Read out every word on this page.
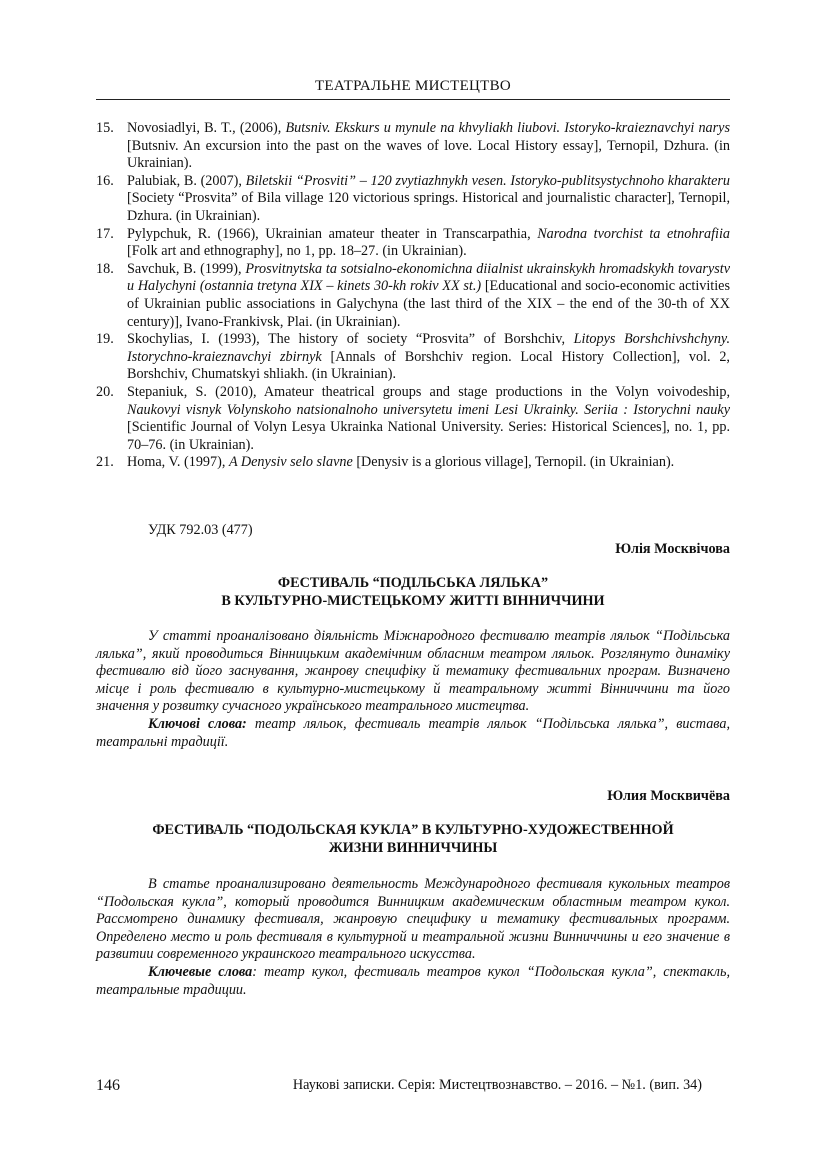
ТЕАТРАЛЬНЕ МИСТЕЦТВО
15. Novosiadlyi, B. T., (2006), Butsniv. Ekskurs u mynule na khvyliakh liubovi. Istoryko-kraieznavchyi narys [Butsniv. An excursion into the past on the waves of love. Local History essay], Ternopil, Dzhura. (in Ukrainian).
16. Palubiak, B. (2007), Biletskii “Prosviti” – 120 zvytiazhnykh vesen. Istoryko-publitsystychnoho kharakteru [Society “Prosvita” of Bila village 120 victorious springs. Historical and journalistic character], Ternopil, Dzhura. (in Ukrainian).
17. Pylypchuk, R. (1966), Ukrainian amateur theater in Transcarpathia, Narodna tvorchist ta etnohrafiia [Folk art and ethnography], no 1, pp. 18–27. (in Ukrainian).
18. Savchuk, B. (1999), Prosvitnytska ta sotsialno-ekonomichna diialnist ukrainskykh hromadskykh tovarystv u Halychyni (ostannia tretyna XIX – kinets 30-kh rokiv XX st.) [Educational and socio-economic activities of Ukrainian public associations in Galychyna (the last third of the XIX – the end of the 30-th of XX century)], Ivano-Frankivsk, Plai. (in Ukrainian).
19. Skochylias, I. (1993), The history of society “Prosvita” of Borshchiv, Litopys Borshchivshchyny. Istorychno-kraieznavchyi zbirnyk [Annals of Borshchiv region. Local History Collection], vol. 2, Borshchiv, Chumatskyi shliakh. (in Ukrainian).
20. Stepaniuk, S. (2010), Amateur theatrical groups and stage productions in the Volyn voivodeship, Naukovyi visnyk Volynskoho natsionalnoho universytetu imeni Lesi Ukrainky. Seriia : Istorychni nauky [Scientific Journal of Volyn Lesya Ukrainka National University. Series: Historical Sciences], no. 1, pp. 70–76. (in Ukrainian).
21. Homa, V. (1997), A Denysiv selo slavne [Denysiv is a glorious village], Ternopil. (in Ukrainian).
УДК 792.03 (477)
Юлія Москвічова
ФЕСТИВАЛЬ “ПОДІЛЬСЬКА ЛЯЛЬКА”
В КУЛЬТУРНО-МИСТЕЦЬКОМУ ЖИТТІ ВІННИЧЧИНИ

У статті проаналізовано діяльність Міжнародного фестивалю театрів ляльок “Подільська лялька”, який проводиться Вінницьким академічним обласним театром ляльок. Розглянуто динаміку фестивалю від його заснування, жанрову специфіку й тематику фестивальних програм. Визначено місце і роль фестивалю в культурно-мистецькому й театральному житті Вінниччини та його значення у розвитку сучасного українського театрального мистецтва.

Ключові слова: театр ляльок, фестиваль театрів ляльок “Подільська лялька”, вистава, театральні традиції.

Юлия Москвичёва
ФЕСТИВАЛЬ “ПОДОЛЬСКАЯ КУКЛА” В КУЛЬТУРНО-ХУДОЖЕСТВЕННОЙ
ЖИЗНИ ВИННИЧЧИНЫ

В статье проанализировано деятельность Международного фестиваля кукольных театров “Подольская кукла”, который проводится Винницким академическим областным театром кукол. Рассмотрено динамику фестиваля, жанровую специфику и тематику фестивальных программ. Определено место и роль фестиваля в культурной и театральной жизни Винниччины и его значение в развитии современного украинского театрального искусства.

Ключевые слова: театр кукол, фестиваль театров кукол “Подольская кукла”, спектакль, театральные традиции.

146	Наукові записки. Серія: Мистецтвознавство. – 2016. – №1. (вип. 34)
